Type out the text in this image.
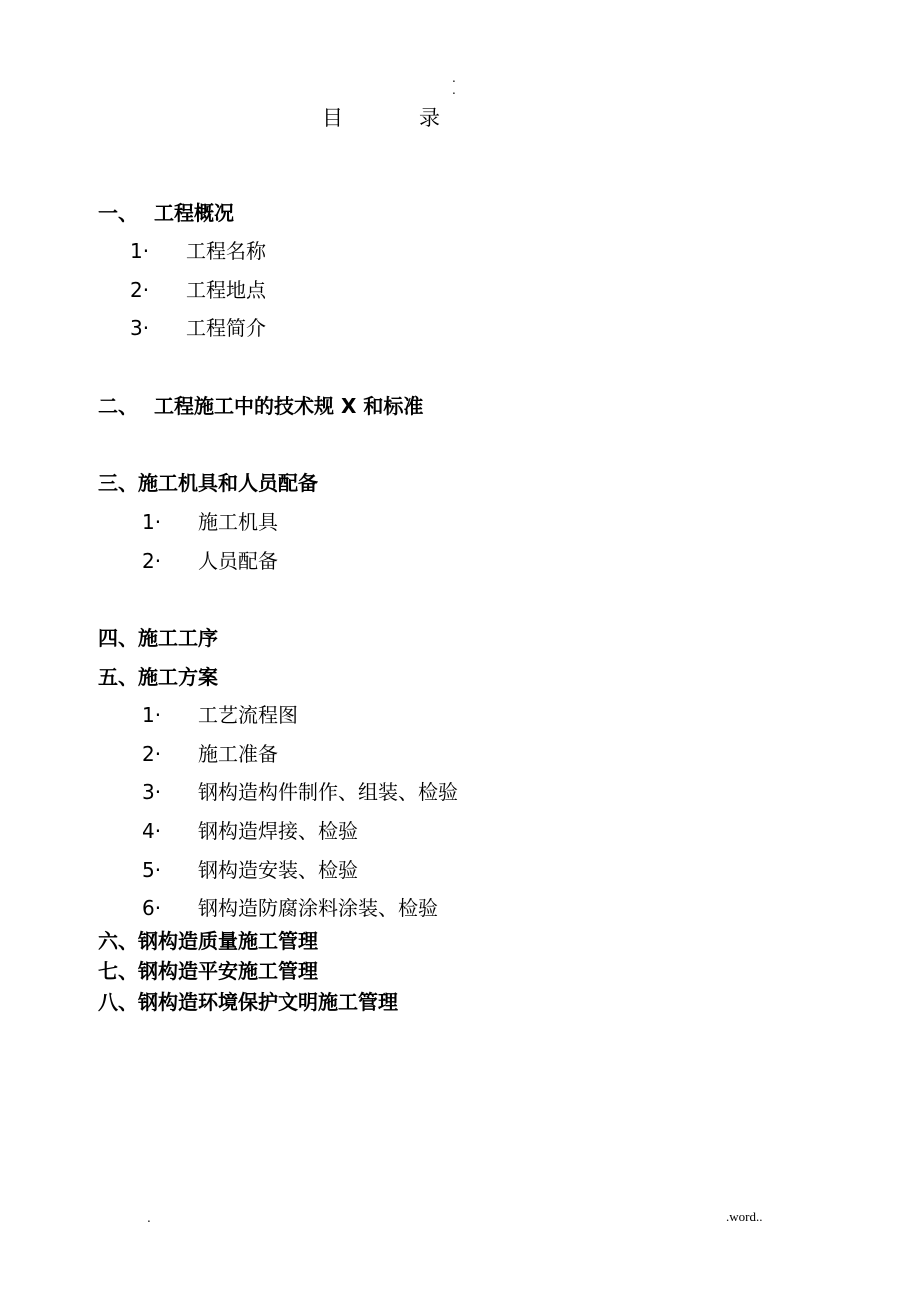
.
.
目	录
一、 工程概况
1· 工程名称
2· 工程地点
3· 工程简介
二、 工程施工中的技术规 X 和标准
三、施工机具和人员配备
1· 施工机具
2· 人员配备
四、施工工序
五、施工方案
1· 工艺流程图
2· 施工准备
3· 钢构造构件制作、组装、检验
4· 钢构造焊接、检验
5· 钢构造安装、检验
6· 钢构造防腐涂料涂装、检验
六、钢构造质量施工管理
七、钢构造平安施工管理
八、钢构造环境保护文明施工管理
.	.word..
